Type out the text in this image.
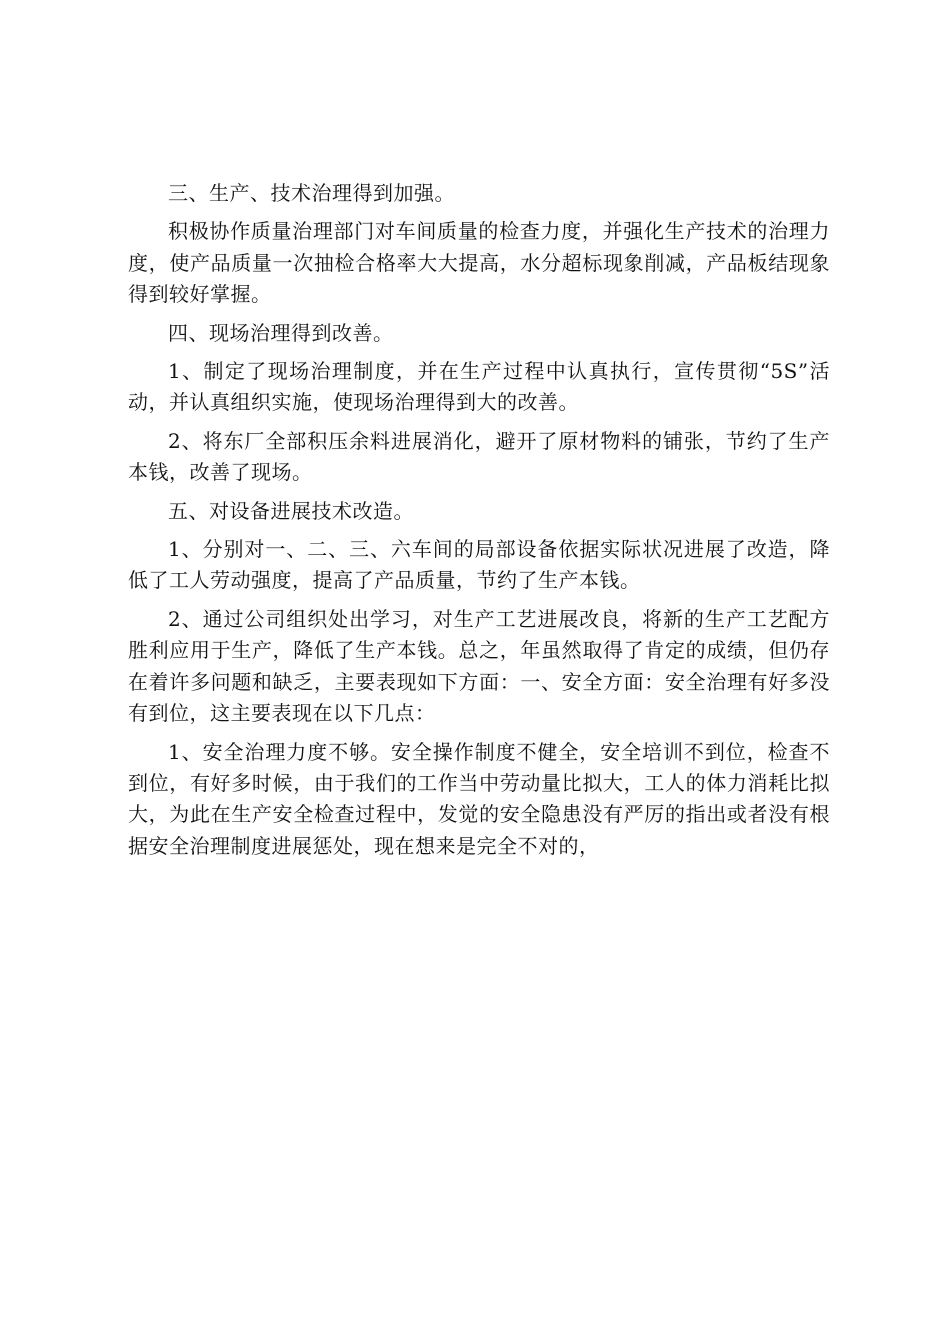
三、生产、技术治理得到加强。

积极协作质量治理部门对车间质量的检查力度，并强化生产技术的治理力度，使产品质量一次抽检合格率大大提高，水分超标现象削减，产品板结现象得到较好掌握。

四、现场治理得到改善。

1、制定了现场治理制度，并在生产过程中认真执行，宣传贯彻“5S”活动，并认真组织实施，使现场治理得到大的改善。

2、将东厂全部积压余料进展消化，避开了原材物料的铺张，节约了生产本钱，改善了现场。

五、对设备进展技术改造。

1、分别对一、二、三、六车间的局部设备依据实际状况进展了改造，降低了工人劳动强度，提高了产品质量，节约了生产本钱。

2、通过公司组织处出学习，对生产工艺进展改良，将新的生产工艺配方胜利应用于生产，降低了生产本钱。总之，年虽然取得了肯定的成绩，但仍存在着许多问题和缺乏，主要表现如下方面：一、安全方面：安全治理有好多没有到位，这主要表现在以下几点：

1、安全治理力度不够。安全操作制度不健全，安全培训不到位，检查不到位，有好多时候，由于我们的工作当中劳动量比拟大，工人的体力消耗比拟大，为此在生产安全检查过程中，发觉的安全隐患没有严厉的指出或者没有根据安全治理制度进展惩处，现在想来是完全不对的，
